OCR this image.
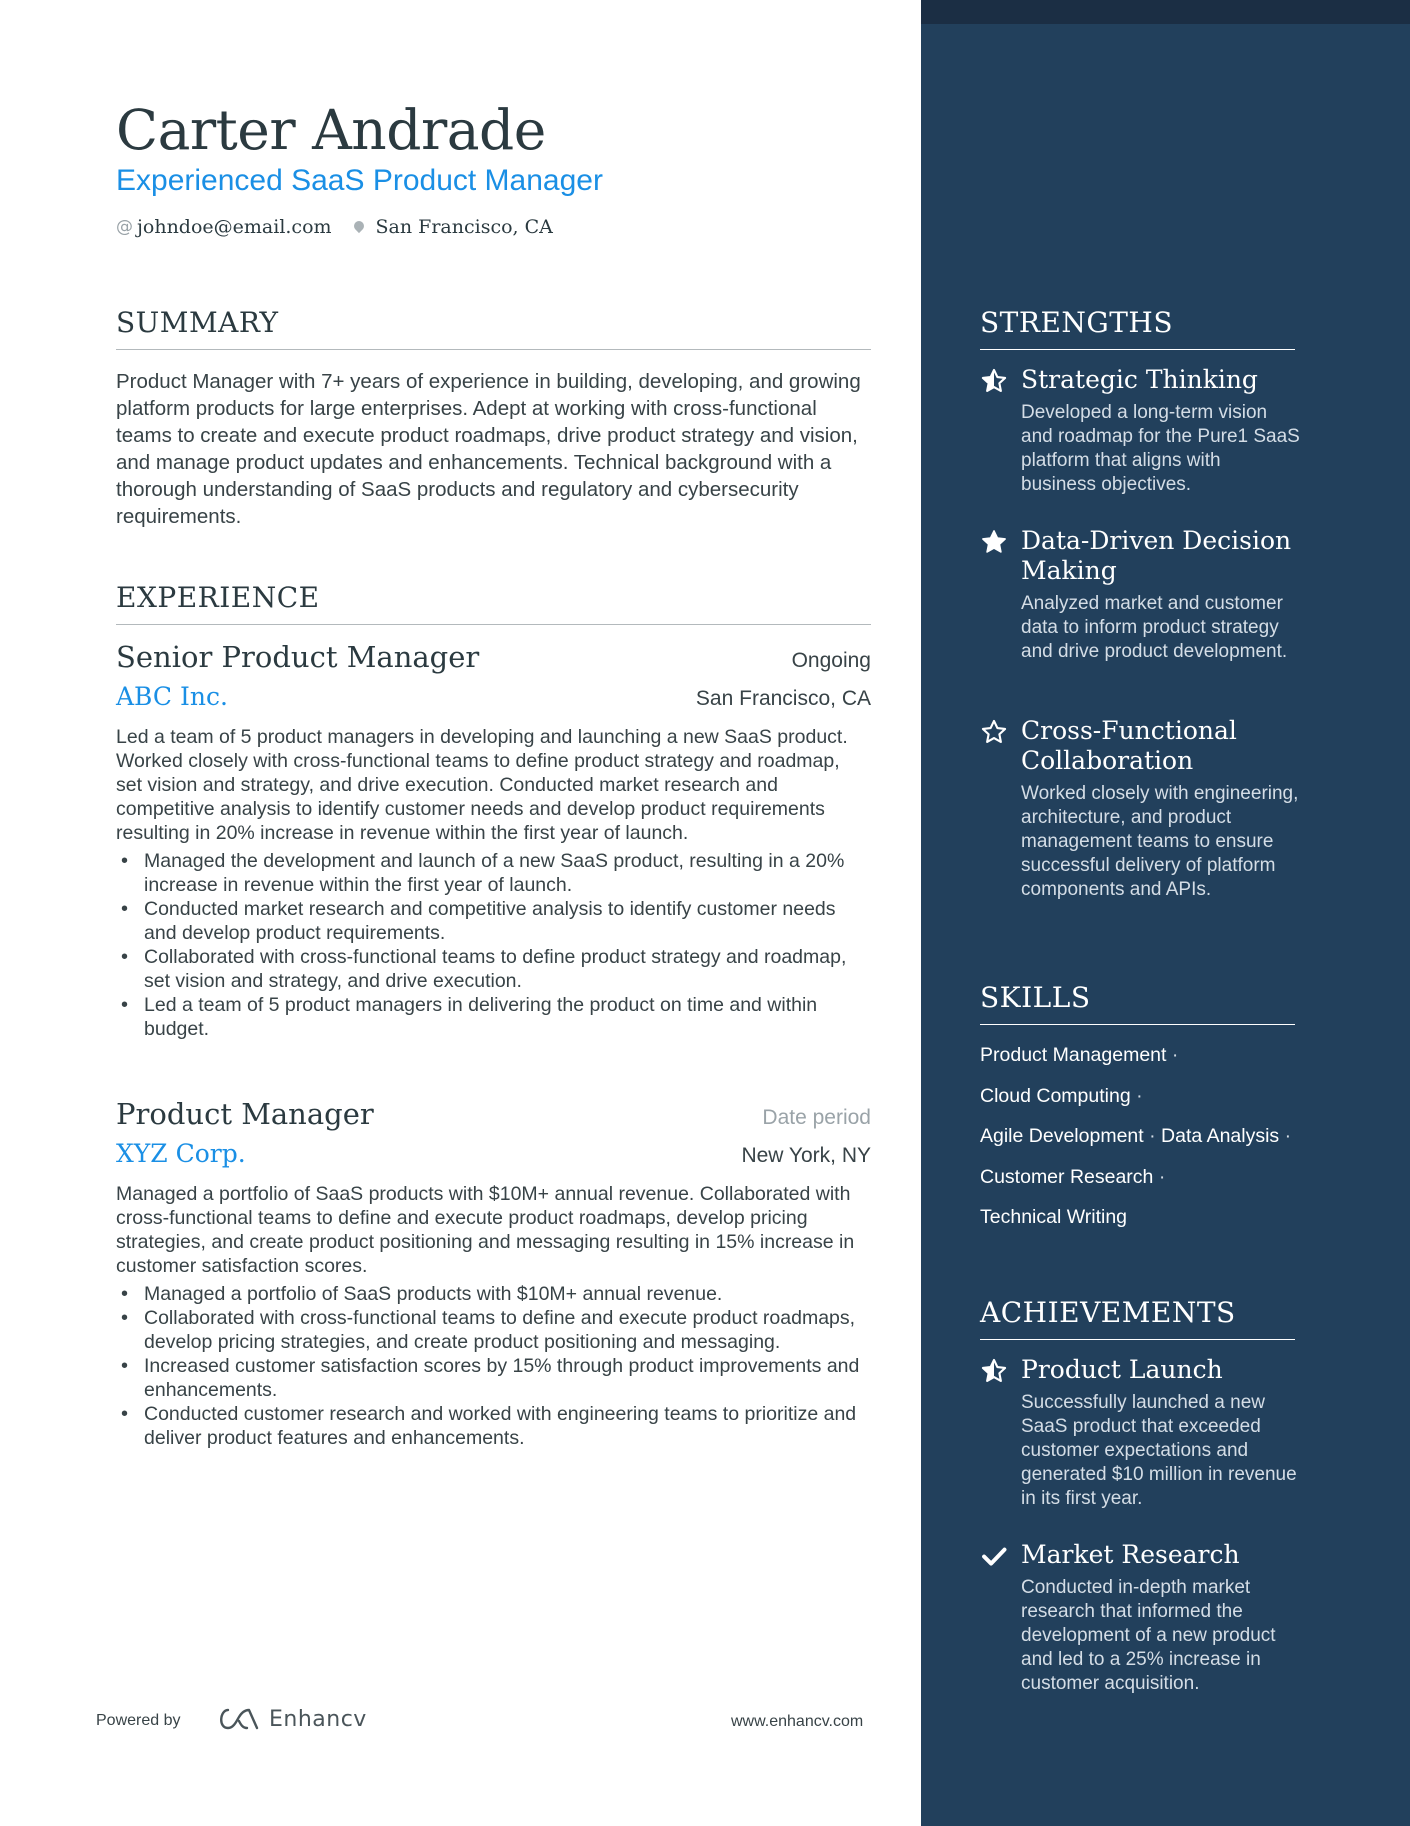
Carter Andrade
Experienced SaaS Product Manager
@ johndoe@email.com San Francisco, CA
SUMMARY
Product Manager with 7+ years of experience in building, developing, and growing platform products for large enterprises. Adept at working with cross-functional teams to create and execute product roadmaps, drive product strategy and vision, and manage product updates and enhancements. Technical background with a thorough understanding of SaaS products and regulatory and cybersecurity requirements.
EXPERIENCE
Senior Product Manager	Ongoing
ABC Inc.	San Francisco, CA
Led a team of 5 product managers in developing and launching a new SaaS product. Worked closely with cross-functional teams to define product strategy and roadmap, set vision and strategy, and drive execution. Conducted market research and competitive analysis to identify customer needs and develop product requirements resulting in 20% increase in revenue within the first year of launch.
• Managed the development and launch of a new SaaS product, resulting in a 20% increase in revenue within the first year of launch.
• Conducted market research and competitive analysis to identify customer needs and develop product requirements.
• Collaborated with cross-functional teams to define product strategy and roadmap, set vision and strategy, and drive execution.
• Led a team of 5 product managers in delivering the product on time and within budget.
Product Manager	Date period
XYZ Corp.	New York, NY
Managed a portfolio of SaaS products with $10M+ annual revenue. Collaborated with cross-functional teams to define and execute product roadmaps, develop pricing strategies, and create product positioning and messaging resulting in 15% increase in customer satisfaction scores.
• Managed a portfolio of SaaS products with $10M+ annual revenue.
• Collaborated with cross-functional teams to define and execute product roadmaps, develop pricing strategies, and create product positioning and messaging.
• Increased customer satisfaction scores by 15% through product improvements and enhancements.
• Conducted customer research and worked with engineering teams to prioritize and deliver product features and enhancements.
Powered by	Enhancv	www.enhancv.com
STRENGTHS
Strategic Thinking
Developed a long-term vision and roadmap for the Pure1 SaaS platform that aligns with business objectives.
Data-Driven Decision Making
Analyzed market and customer data to inform product strategy and drive product development.
Cross-Functional Collaboration
Worked closely with engineering, architecture, and product management teams to ensure successful delivery of platform components and APIs.
SKILLS
Product Management ·
Cloud Computing ·
Agile Development · Data Analysis ·
Customer Research ·
Technical Writing
ACHIEVEMENTS
Product Launch
Successfully launched a new SaaS product that exceeded customer expectations and generated $10 million in revenue in its first year.
Market Research
Conducted in-depth market research that informed the development of a new product and led to a 25% increase in customer acquisition.
